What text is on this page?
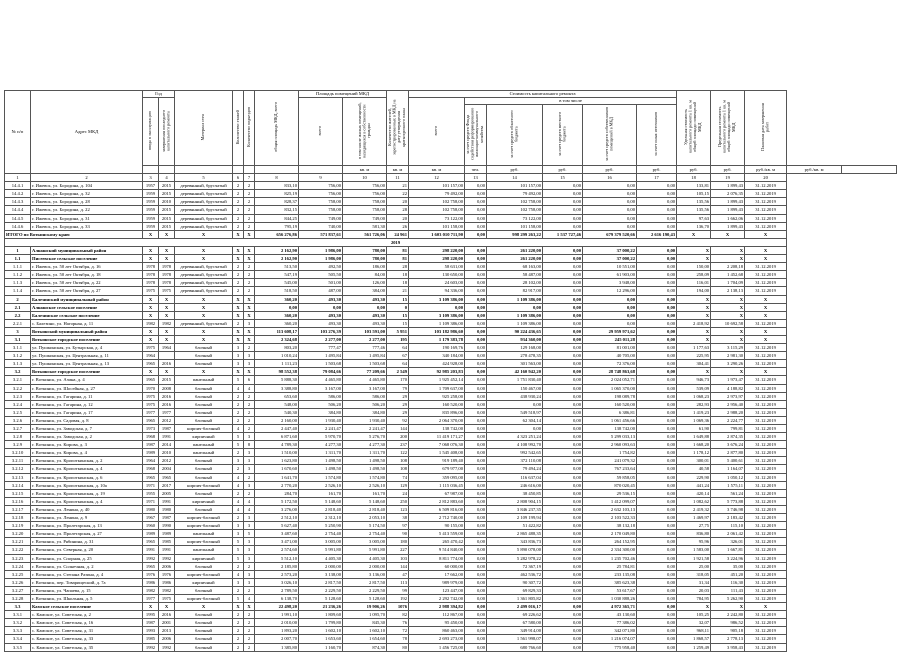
№ п/п	Адрес МКД	Год		Материал стен	Количество этажей	Количество подъездов	общая площадь МКД, всего	Площадь помещений МКД		Количество жителей, зарегистрированных в МКД на дату утверждения краткосрочного плана	Стоимость капитального ремонта						Удельная стоимость капитального ремонта 1 кв. м общей площади помещений МКД	Предельная стоимость капитального ремонта 1 кв. м общей площади помещений МКД	Плановая дата завершения работ		
		ввода в эксплуатацию	завершения последнего капитального ремонта					всего	в том числе жилых помещений, находящихся в собственности граждан		всего	в том числе									
												за счет средств Фонда содействия реформированию жилищно-коммунального хозяйства	за счет средств областного бюджета	за счет средств местного бюджета	за счет средств собственников помещений в МКД	за счет иных источников					
									кв. м	кв. м	кв. м	чел.	руб.	руб.	руб.	руб.	руб.	руб.	руб./кв. м	руб./кв. м	
1	2	3	4	5	6	7	8	9	10	11	12	13	14	15	16	17	18	19	20		
14.4.1	г. Ижевск, ул. Бородина, д. 104	1957	2015	деревянный, брусчатый	2	2	833,10	756,00	756,00	21	101 157,00	0,00	101 157,00	0,00	0,00	0,00	133,81	1 899,43	31.12.2019		
14.4.2	г. Ижевск, ул. Бородина, д. 32	1959	2015	деревянный, брусчатый	2	2	825,19	756,00	756,00	22	79 492,00	0,00	79 492,00	0,00	0,00	0,00	105,15	2 076,35	31.12.2019		
14.4.3	г. Ижевск, ул. Бородина, д. 28	1959	2010	деревянный, брусчатый	2	2	828,37	758,00	758,00	20	102 758,00	0,00	102 758,00	0,00	0,00	0,00	135,56	1 899,43	31.12.2019		
14.4.4	г. Ижевск, ул. Бородина, д. 22	1959	2015	деревянный, брусчатый	2	2	832,15	758,00	758,00	28	102 758,00	0,00	102 758,00	0,00	0,00	0,00	135,56	1 899,43	31.12.2019		
14.4.5	г. Ижевск, ул. Бородина, д. 31	1959	2015	деревянный, брусчатый	2	2	844,25	749,00	749,00	20	73 122,00	0,00	73 122,00	0,00	0,00	0,00	97,63	1 662,06	31.12.2019		
14.4.6	г. Ижевск, ул. Бородина, д. 33	1959	2015	деревянный, брусчатый	2	2	795,19	740,00	581,30	26	101 158,00	0,00	101 158,00	0,00	0,00	0,00	136,70	1 899,43	31.12.2019		
ИТОГО по Воткинскому краю		X	X	X	X	X	656 276,86	571 837,61	561 726,06	24 961	1 603 010 711,90	0,00	998 299 263,22	1 537 727,46	679 379 520,66	2 616 190,43	X	X	X		
2019																					
1	Алнашский муниципальный район	X	X	X	X	X	2 162,90	1 986,00	780,00	81	298 220,00	0,00	261 220,00	0,00	37 000,22	0,00	X	X	X		
1.1	Писеевское сельское поселение	X	X	X	X	X	2 162,90	1 986,00	780,00	81	298 220,00	0,00	261 220,00	0,00	37 000,22	0,00	X	X	X		
1.1.1	г. Ижевск, ул. 50 лет Октября, д. 16	1978	1978	деревянный, брусчатый	2	2	513,50	492,50	186,00	28	58 631,00	0,00	68 163,00	0,00	10 551,00	0,00	150,00	2 208,18	31.12.2019		
1.1.2	г. Ижевск, ул. 50 лет Октября, д. 18	1978	1978	деревянный, брусчатый	2	2	547,19	505,50	84,00	18	130 650,00	0,00	58 487,00	0,00	61 903,00	0,00	258,09	1 452,68	31.12.2019		
1.1.3	г. Ижевск, ул. 50 лет Октября, д. 22	1978	1978	деревянный, брусчатый	2	2	545,00	501,00	126,00	18	24 603,00	0,00	28 102,00	0,00	3 948,00	0,00	116,01	1 704,09	31.12.2019		
1.1.4	г. Ижевск, ул. 50 лет Октября, д. 27	1975	1975	деревянный, брусчатый	2	2	518,50	487,00	384,00	21	94 336,00	0,00	82 917,00	0,00	12 296,00	0,00	194,00	2 138,13	31.12.2019		
2	Балезинский муниципальный район	X	X	X	X	X	360,20	493,30	493,30	15	3 109 386,00	0,00	1 109 386,00	0,00	0,00	0,00	X	X	X		
2.1	Алнашское сельское поселение	X	X	X	X	X	0,00	0,00	0,00	0	0,00	0,00	0,00	0,00	0,00	0,00	X	X	X		
2.2	Балезинское сельское поселение	X	X	X	X	X	360,20	493,30	493,30	15	3 109 386,00	0,00	1 109 386,00	0,00	0,00	0,00	X	X	X		
2.2.1	с. Балезино, ул. Нагорная, д. 11	1982	1982	деревянный, брусчатый	2	3	360,20	493,30	493,30	15	1 109 386,00	0,00	1 109 386,00	0,00	0,00	0,00	2 418,92	10 692,58	31.12.2019		
3	Воткинский муниципальный район	X	X	X	X	X	113 608,17	103 276,39	103 591,00	5 951	103 182 986,60	0,00	90 224 436,65	0,00	29 959 971,62	0,00	X	X	X		
3.1	Воткинское городское поселение	X	X	X	X	X	2 324,68	2 277,00	2 277,00	195	1 179 383,78	0,00	934 360,00	0,00	245 011,28	0,00	X	X	X		
3.1.1	ул. Пушкинская, ул. Бутырская, д. 4	1975	1964	блочный	3	2	803,20	777,47	777,46	64	190 169,76	0,00	129 168,00	0,00	81 001,00	0,00	1 177,63	3 115,29	31.12.2019		
3.1.2	ул. Пушкинская, ул. Центральная, д. 11	1964		блочный	3	3	1 010,24	1 495,84	1 495,84	67	340 184,00	0,00	278 478,35	0,00	40 705,00	0,00	225,95	2 981,30	31.12.2019		
3.1.3	ул. Пушкинская, ул. Центральная, д. 13	1965	2016	блочный	3	3	1 111,23	1 503,68	1 503,68	64	424 928,00	0,00	301 563,00	0,00	72 376,00	0,00	304,41	3 290,26	31.12.2019		
3.2	Воткинское городское поселение	X	X	X	X	X	98 552,38	79 084,66	77 209,66	2 549	92 985 203,83	0,00	42 160 942,20	0,00	28 748 863,68	0,00	X	X	X		
3.2.1	г. Воткинск, ул. Азина, д. 4	1965	2015	панельный	5	6	5 888,30	4 465,80	4 465,80	170	1 925 452,14	0,00	1 751 830,40	0,00	2 024 052,71	0,00	946,73	1 973,47	31.12.2019		
3.2.2	г. Воткинск, ул. Шосейная, д. 27	1970	2008	блочный	4	4	3 388,80	3 167,00	3 167,00	79	1 709 637,00	0,00	150 467,00	0,00	1 065 370,00	0,00	539,09	4 188,82	31.12.2019		
3.2.3	г. Воткинск, ул. Гагарина, д. 11	1975	2016	блочный	2	2	653,60	586,00	586,00	29	925 258,00	0,00	438 930,24	0,00	198 089,78	0,00	1 068,23	2 973,97	31.12.2019		
3.2.4	г. Воткинск, ул. Гагарина, д. 12	1975	2016	блочный	2	2	548,00	506,20	506,20	29	160 520,00	0,00	0,00	0,00	160 520,00	0,00	282,93	2 956,40	31.12.2019		
3.2.5	г. Воткинск, ул. Гагарина, д. 17	1977	1977	блочный	2	2	540,30	384,80	384,80	29	835 896,00	0,00	549 518,97	0,00	6 386,81	0,00	1 419,23	2 988,20	31.12.2019		
3.2.6	г. Воткинск, ул. Садовая, д. 8	1965	2012	блочный	2	2	2 160,00	1 930,40	1 930,40	92	2 064 370,00	0,00	62 304,14	0,00	1 061 456,66	0,00	1 069,36	2 224,77	31.12.2019		
3.2.7	г. Воткинск, ул. Заводская, д. 7	1973	1987	кирпич-блочный	4	2	2 447,40	2 241,47	2 241,47	144	138 742,00	0,00	0,00	0,00	138 742,00	0,00	61,90	799,81	31.12.2019		
3.2.8	г. Воткинск, ул. Заводская, д. 2	1968	1991	кирпичный	5	3	6 871,60	5 970,70	5 276,70	200	11 419 171,27	0,00	4 323 251,24	0,00	5 299 033,13	0,00	1 649,88	2 874,35	31.12.2019		
3.2.9	г. Воткинск, ул. Кирова, д. 3	1987	2014	панельный	5	8	4 789,30	4 277,30	4 277,30	237	7 068 076,30	0,00	4 108 992,70	0,00	2 960 093,63	0,00	1 668,20	3 676,24	31.12.2019		
3.2.10	г. Воткинск, ул. Кирова, д. 4	1989	2010	панельный	2	3	1 510,00	1 311,70	1 311,70	122	1 545 408,00	0,00	992 542,65	0,00	1 754,82	0,00	1 178,12	2 877,80	31.12.2019		
3.2.11	г. Воткинск, ул. Кропоткинская, д. 2	1964	2012	блочный	3	3	1 623,80	1 498,50	1 498,50	108	919 189,40	0,00	372 110,08	0,00	241 079,32	0,00	300,01	5 400,61	31.12.2019		
3.2.12	г. Воткинск, ул. Кропоткинская, д. 4	1968	2004	блочный	2	3	1 670,60	1 498,50	1 498,50	108	679 977,00	0,00	79 494,24	0,00	767 233,64	0,00	40,58	1 164,07	31.12.2019		
3.2.13	г. Воткинск, ул. Кропоткинская, д. 6	1965	1965	блочный	4	2	1 641,70	1 574,80	1 574,80	74	359 095,00	0,00	116 637,04	0,00	59 858,05	0,00	229,90	1 050,12	31.12.2019		
3.2.14	г. Воткинск, ул. Кропоткинская, д. 10а	1971	2017	кирпич-блочный	4	3	2 770,20	2 526,10	2 526,10	129	1 115 036,45	0,00	246 616,00	0,00	870 020,45	0,00	441,24	1 575,11	31.12.2019		
3.2.15	г. Воткинск, ул. Кропоткинская, д. 19	1955	2005	блочный	2	2	284,70	161,70	161,70	24	67 987,00	0,00	38 450,85	0,00	29 536,15	0,00	420,14	561,24	31.12.2019		
3.2.16	г. Воткинск, ул. Кропоткинская, д. 4	1971	1991	кирпичный	4	4	5 172,50	5 148,60	5 148,60	250	2 812 883,60	0,00	2 808 904,15	0,00	1 412 099,07	0,00	1 082,62	5 773,88	31.12.2019		
3.2.17	г. Воткинск, ул. Ленина, д. 40	1980	1980	блочный	4	4	3 276,00	2 818,40	2 818,40	123	6 509 816,00	0,00	3 846 237,35	0,00	2 632 103,13	0,00	2 419,32	3 746,98	31.12.2019		
3.2.18	г. Воткинск, ул. Ленина, д. 9	1967	1987	кирпич-блочный	2	3	2 512,10	2 312,10	2 053,10	38	2 712 740,00	0,00	2 109 199,94	0,00	2 103 522,33	0,00	1 469,97	2 183,42	31.12.2019		
3.2.19	г. Воткинск, ул. Пролетарская, д. 13	1960	1990	кирпич-блочный	3	3	5 627,40	5 250,90	5 174,50	97	90 155,00	0,00	51 422,82	0,00	38 132,18	0,00	27,75	115,10	31.12.2019		
3.2.20	г. Воткинск, ул. Пролетарская, д. 27	1989	1989	панельный	3	5	3 487,60	2 754,40	2 754,40	90	5 413 559,00	0,00	2 865 488,35	0,00	2 170 049,80	0,00	836,80	2 061,42	31.12.2019		
3.2.21	г. Воткинск, ул. Рябинина, д. 31	1965	1985	кирпич-блочный	5	3	3 471,00	3 005,00	3 005,00	180	265 470,42	0,00	343 836,73	0,00	264 152,95	0,00	95,96	326,01	31.12.2019		
3.2.22	г. Воткинск, ул. Северная, д. 20	1991	1991	панельный	5	3	2 574,60	5 991,80	5 991,80	227	9 514 840,00	0,00	5 890 078,00	0,00	2 334 300,00	0,00	1 583,00	1 667,81	31.12.2019		
3.2.23	г. Воткинск, ул. Спорная, д. 25	1992	1992	кирпичный	5	3	5 512,10	4 405,30	4 405,30	103	8 811 774,00	0,00	5 282 978,22	0,00	1 235 702,46	0,00	1 921,58	3 224,96	31.12.2019		
3.2.24	г. Воткинск, ул. Солнечная, д. 2	1965	2006	блочный	2	2	2 185,80	2 000,00	2 000,00	144	60 000,00	0,00	72 367,19	0,00	25 784,81	0,00	25,00	35,00	31.12.2019		
3.2.25	г. Воткинск, ул. Степана Разина, д. 4	1976	1976	кирпич-блочный	4	3	2 573,20	3 138,00	3 136,00	47	17 662,00	0,00	462 536,72	0,00	233 135,08	0,00	318,05	451,20	31.12.2019		
3.2.26	г. Воткинск, пер. Товарищеский, д. 7а	1986	1986	кирпичный	3	3	3 026,10	2 817,50	2 817,50	113	989 979,00	0,00	90 307,72	0,00	385 623,38	0,00	31,34	116,30	31.12.2019		
3.2.27	г. Воткинск, ул. Чапаева, д. 15	1982	1982	блочный	2	2	2 789,50	2 229,50	2 229,50	99	123 447,00	0,00	69 829,33	0,00	53 617,67	0,00	20,03	111,43	31.12.2019		
3.2.28	г. Воткинск, ул. Школьная, д. 5	1977	1975	кирпич-блочный	5	4	6 138,70	5 128,60	5 128,60	192	2 292 742,00	0,00	1 361 805,82	0,00	1 030 888,26	0,00	784,95	5 262,90	31.12.2019		
3.3	Камское сельское поселение	X	X	X	X	X	22 498,20	21 236,26	19 906,26	1076	2 988 394,82	0,00	2 499 016,17	0,00	4 972 365,71	0,00	X	X	X		
3.3.1	с. Камское, ул. Советская, д. 2	1995	2016	блочный	2	2	1 991,10	1 809,60	1 095,70	82	112 867,00	0,00	69 226,62	0,00	43 130,60	0,00	105,25	2 242,80	31.12.2019		
3.3.2	с. Камское, ул. Советская, д. 16	1987	2001	блочный	2	2	2 010,00	1 799,80	845,30	76	95 450,00	0,00	67 580,00	0,00	77 386,02	0,00	32,07	986,52	31.12.2019		
3.3.3	с. Камское, ул. Советская, д. 31	1993	2013	блочный	2	2	1 893,20	1 602,10	1 602,10	72	860 463,00	0,00	349 914,00	0,00	342 071,80	0,00	968,11	905,18	31.12.2019		
3.3.4	с. Камское, ул. Советская, д. 33	1985	2006	блочный	2	2	2 007,70	1 653,60	1 654,60	78	2 693 273,00	0,00	1 561 998,07	0,00	1 216 074,07	0,00	1 868,57	2 778,13	31.12.2019		
3.3.5	с. Камское, ул. Советская, д. 35	1992	1992	блочный	2	2	1 385,80	1 160,70	874,30	80	1 456 725,00	0,00	680 766,60	0,00	775 958,40	0,00	1 259,49	3 958,43	31.12.2019		
